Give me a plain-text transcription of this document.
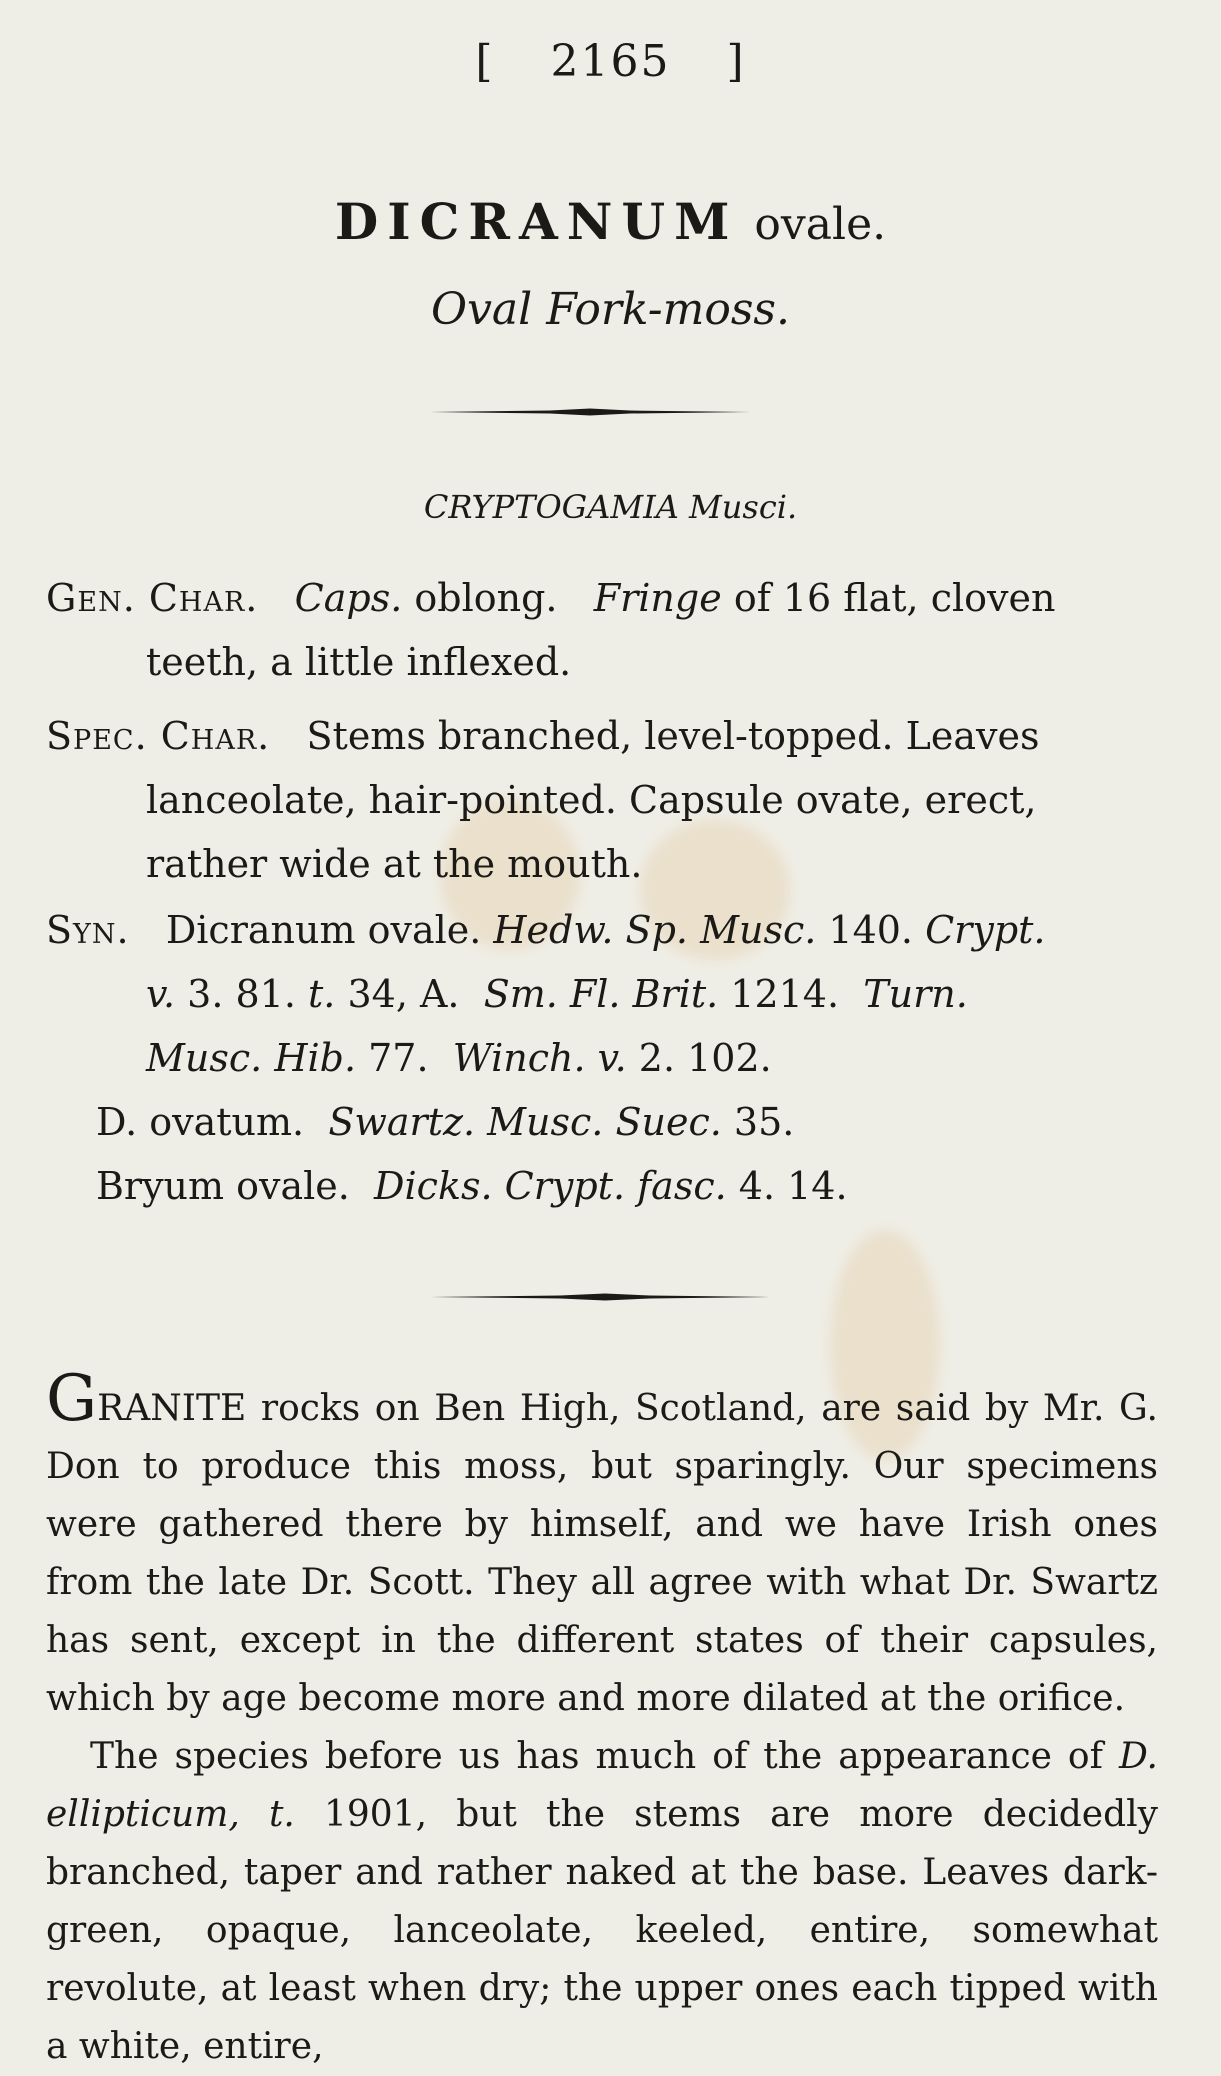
[ 2165 ]
DICRANUM ovale.
Oval Fork-moss.
CRYPTOGAMIA Musci.
Gen. Char. Caps. oblong. Fringe of 16 flat, cloven
teeth, a little inflexed.
Spec. Char. Stems branched, level-topped. Leaves
lanceolate, hair-pointed. Capsule ovate, erect,
rather wide at the mouth.
Syn. Dicranum ovale. Hedw. Sp. Musc. 140. Crypt.
v. 3. 81. t. 34, A. Sm. Fl. Brit. 1214. Turn.
Musc. Hib. 77. Winch. v. 2. 102.
D. ovatum. Swartz. Musc. Suec. 35.
Bryum ovale. Dicks. Crypt. fasc. 4. 14.

GRANITE rocks on Ben High, Scotland, are said by Mr. G. Don to produce this moss, but sparingly. Our specimens were gathered there by himself, and we have Irish ones from the late Dr. Scott. They all agree with what Dr. Swartz has sent, except in the different states of their capsules, which by age become more and more dilated at the orifice.

The species before us has much of the appearance of D. ellipticum, t. 1901, but the stems are more decidedly branched, taper and rather naked at the base. Leaves dark-green, opaque, lanceolate, keeled, entire, somewhat revolute, at least when dry; the upper ones each tipped with a white, entire,
